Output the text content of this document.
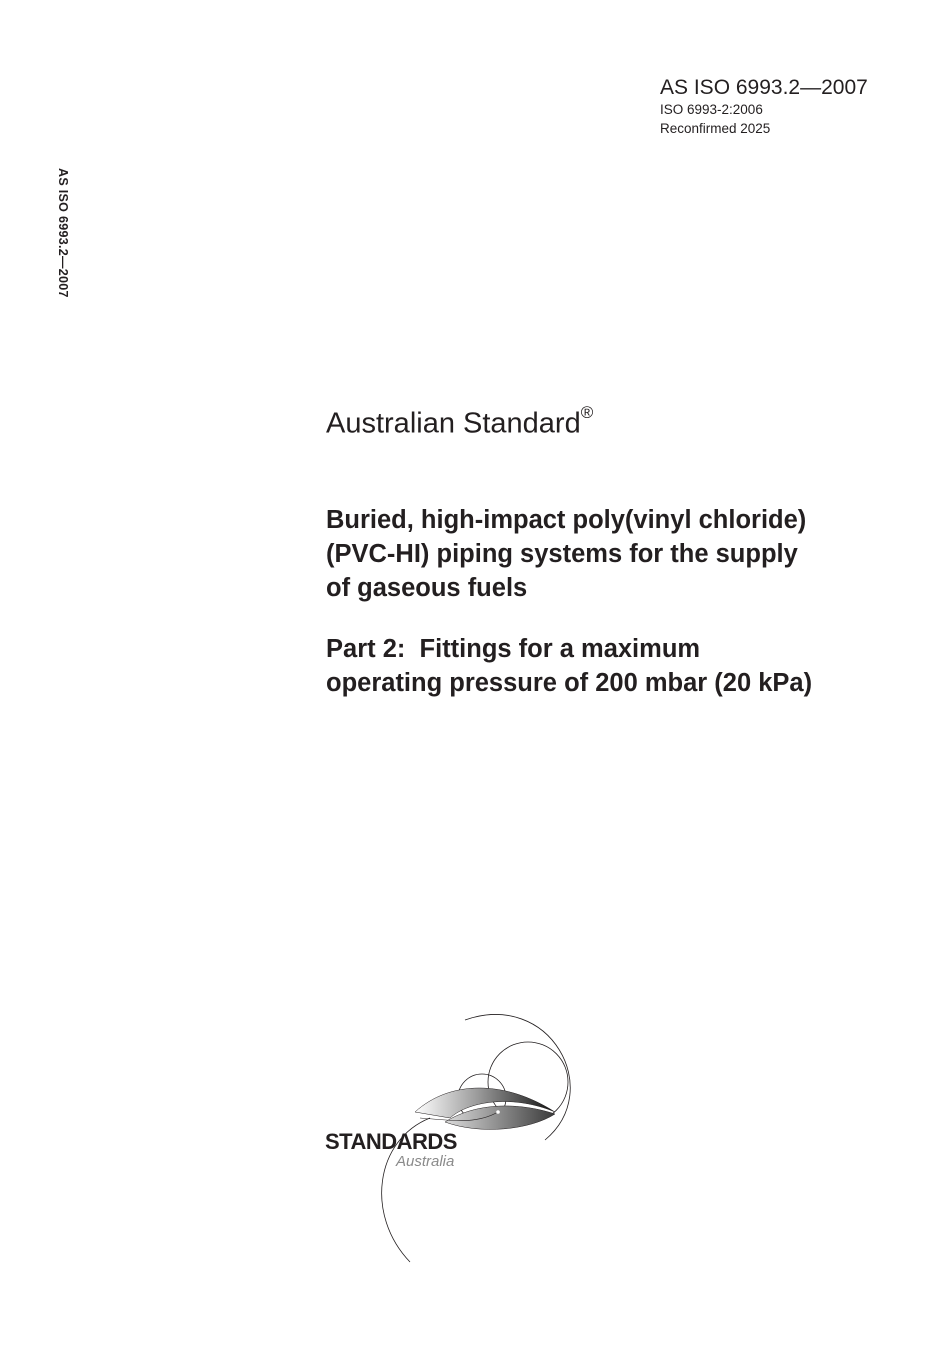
AS ISO 6993.2—2007
AS ISO 6993.2—2007
ISO 6993-2:2006
Reconfirmed 2025
Australian Standard®
Buried, high-impact poly(vinyl chloride)
(PVC-HI) piping systems for the supply
of gaseous fuels
Part 2:  Fittings for a maximum
operating pressure of 200 mbar (20 kPa)
STANDARDS
Australia
